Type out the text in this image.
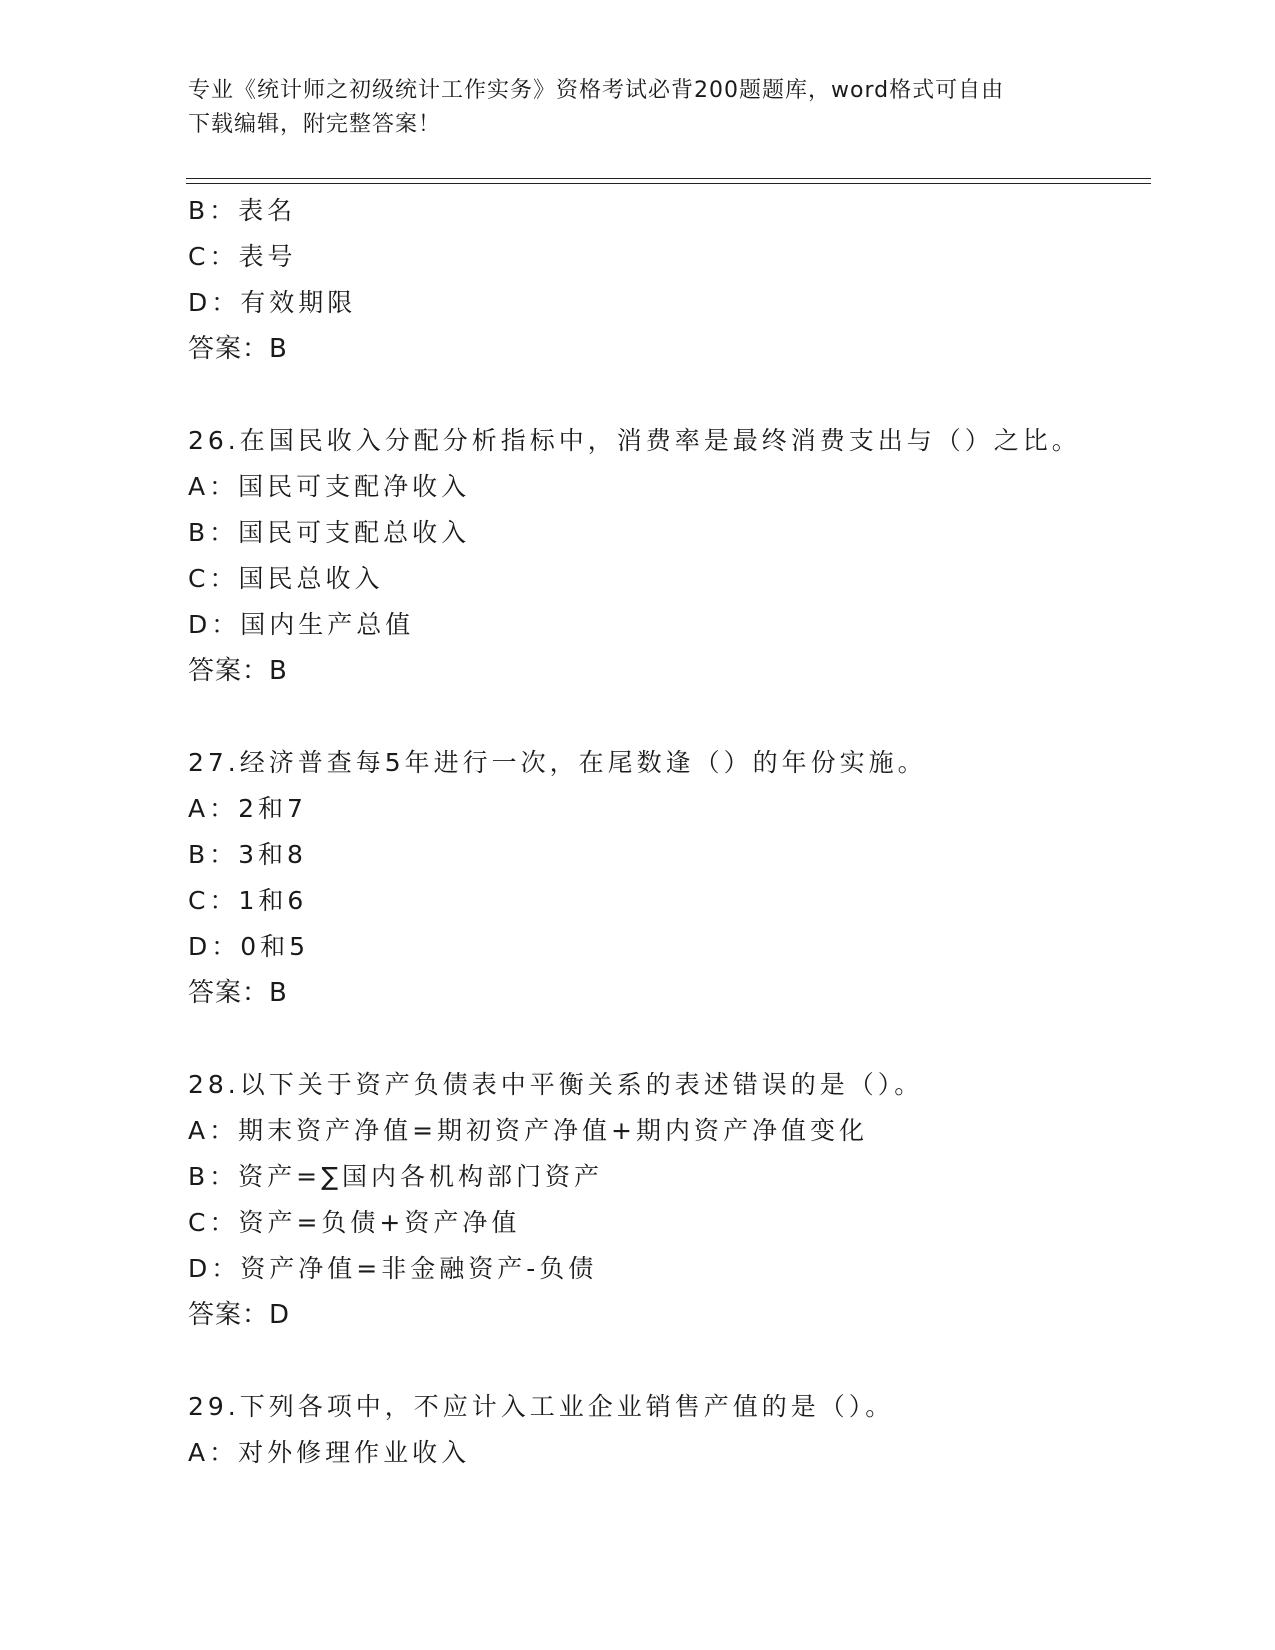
专业《统计师之初级统计工作实务》资格考试必背200题题库，word格式可自由
下载编辑，附完整答案！
B：表名
C：表号
D：有效期限
答案：B
26.在国民收入分配分析指标中，消费率是最终消费支出与（）之比。
A：国民可支配净收入
B：国民可支配总收入
C：国民总收入
D：国内生产总值
答案：B
27.经济普查每5年进行一次，在尾数逢（）的年份实施。
A：2和7
B：3和8
C：1和6
D：0和5
答案：B
28.以下关于资产负债表中平衡关系的表述错误的是（）。
A：期末资产净值=期初资产净值+期内资产净值变化
B：资产=∑国内各机构部门资产
C：资产=负债+资产净值
D：资产净值=非金融资产-负债
答案：D
29.下列各项中，不应计入工业企业销售产值的是（）。
A：对外修理作业收入
